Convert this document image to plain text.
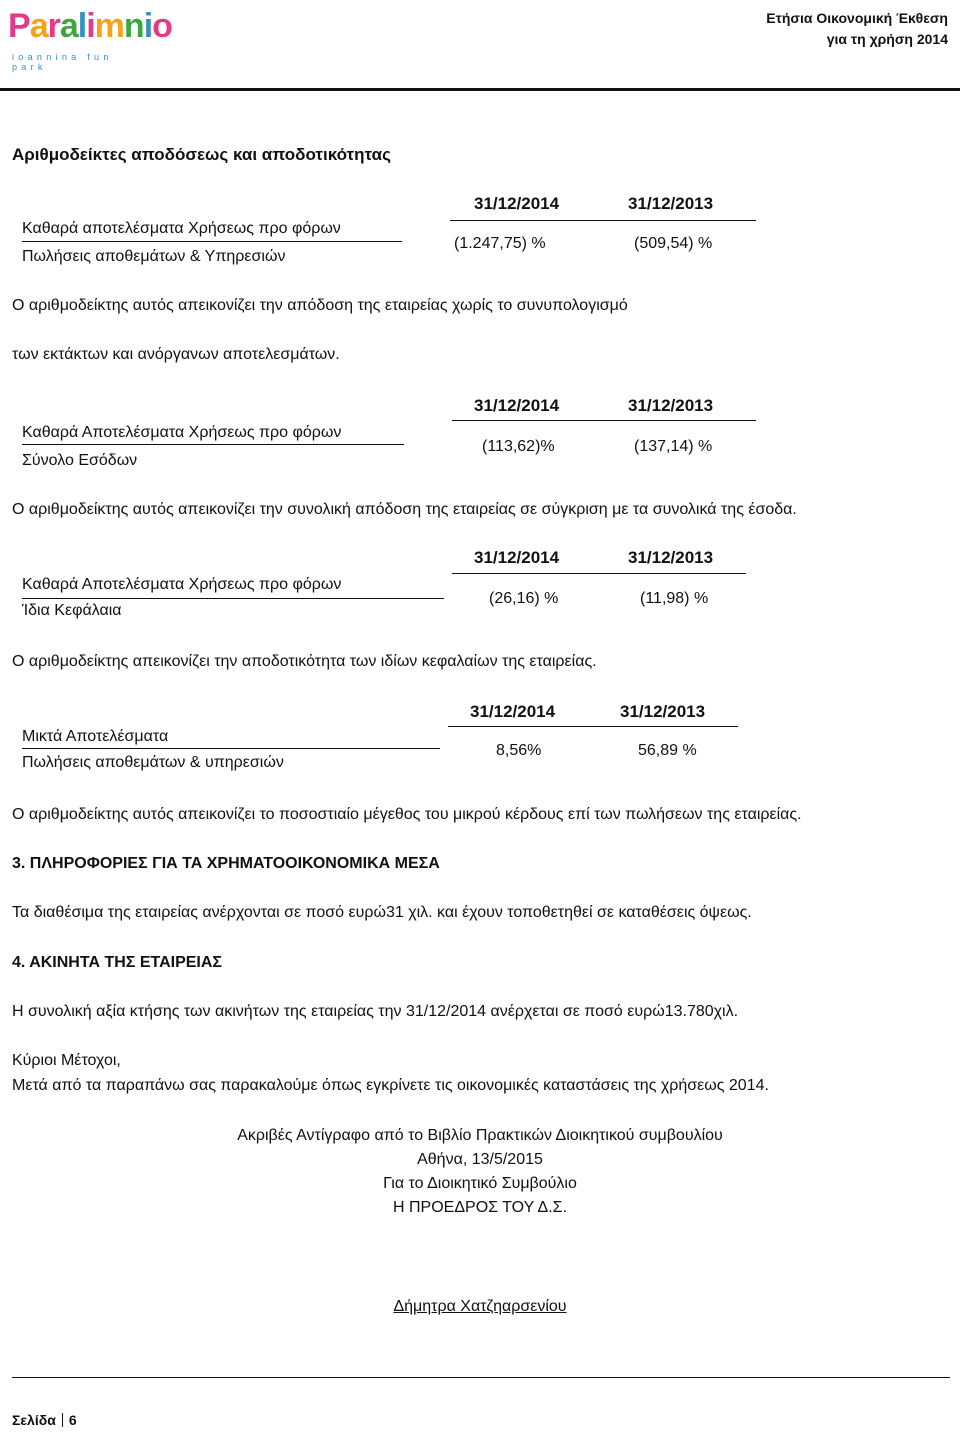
Paralimnio
ioannina fun park
Ετήσια Οικονομική Έκθεση
για τη χρήση 2014
Αριθμοδείκτες αποδόσεως και αποδοτικότητας
Καθαρά αποτελέσματα Χρήσεως προ φόρων
Πωλήσεις αποθεμάτων & Υπηρεσιών
31/12/2014	31/12/2013
(1.247,75) %	(509,54) %
Ο αριθμοδείκτης αυτός απεικονίζει την απόδοση της εταιρείας χωρίς το συνυπολογισμό
των εκτάκτων και ανόργανων αποτελεσμάτων.
Καθαρά Αποτελέσματα Χρήσεως προ φόρων
Σύνολο Εσόδων
31/12/2014	31/12/2013
(113,62)%	(137,14) %
Ο αριθμοδείκτης αυτός απεικονίζει την συνολική απόδοση της εταιρείας σε σύγκριση με τα συνολικά της έσοδα.
Καθαρά Αποτελέσματα Χρήσεως προ φόρων
Ίδια Κεφάλαια
31/12/2014	31/12/2013
(26,16) %	(11,98) %
Ο αριθμοδείκτης απεικονίζει την αποδοτικότητα των ιδίων κεφαλαίων της εταιρείας.
Μικτά Αποτελέσματα
Πωλήσεις αποθεμάτων & υπηρεσιών
31/12/2014	31/12/2013
8,56%	56,89 %
Ο αριθμοδείκτης αυτός απεικονίζει το ποσοστιαίο μέγεθος του μικρού κέρδους επί των πωλήσεων της εταιρείας.
3. ΠΛΗΡΟΦΟΡΙΕΣ ΓΙΑ ΤΑ ΧΡΗΜΑΤΟΟΙΚΟΝΟΜΙΚΑ ΜΕΣΑ
Τα διαθέσιμα της εταιρείας ανέρχονται σε ποσό ευρώ31 χιλ. και έχουν τοποθετηθεί σε καταθέσεις όψεως.
4. ΑΚΙΝΗΤΑ ΤΗΣ ΕΤΑΙΡΕΙΑΣ
Η συνολική αξία κτήσης των ακινήτων της εταιρείας την 31/12/2014 ανέρχεται σε ποσό ευρώ13.780χιλ.
Κύριοι Μέτοχοι,
Μετά από τα παραπάνω σας παρακαλούμε όπως εγκρίνετε τις οικονομικές καταστάσεις της χρήσεως 2014.
Ακριβές Αντίγραφο από το Βιβλίο Πρακτικών Διοικητικού συμβουλίου
Αθήνα, 13/5/2015
Για το Διοικητικό Συμβούλιο
Η ΠΡΟΕΔΡΟΣ ΤΟΥ Δ.Σ.
Δήμητρα Χατζηαρσενίου
Σελίδα 6
